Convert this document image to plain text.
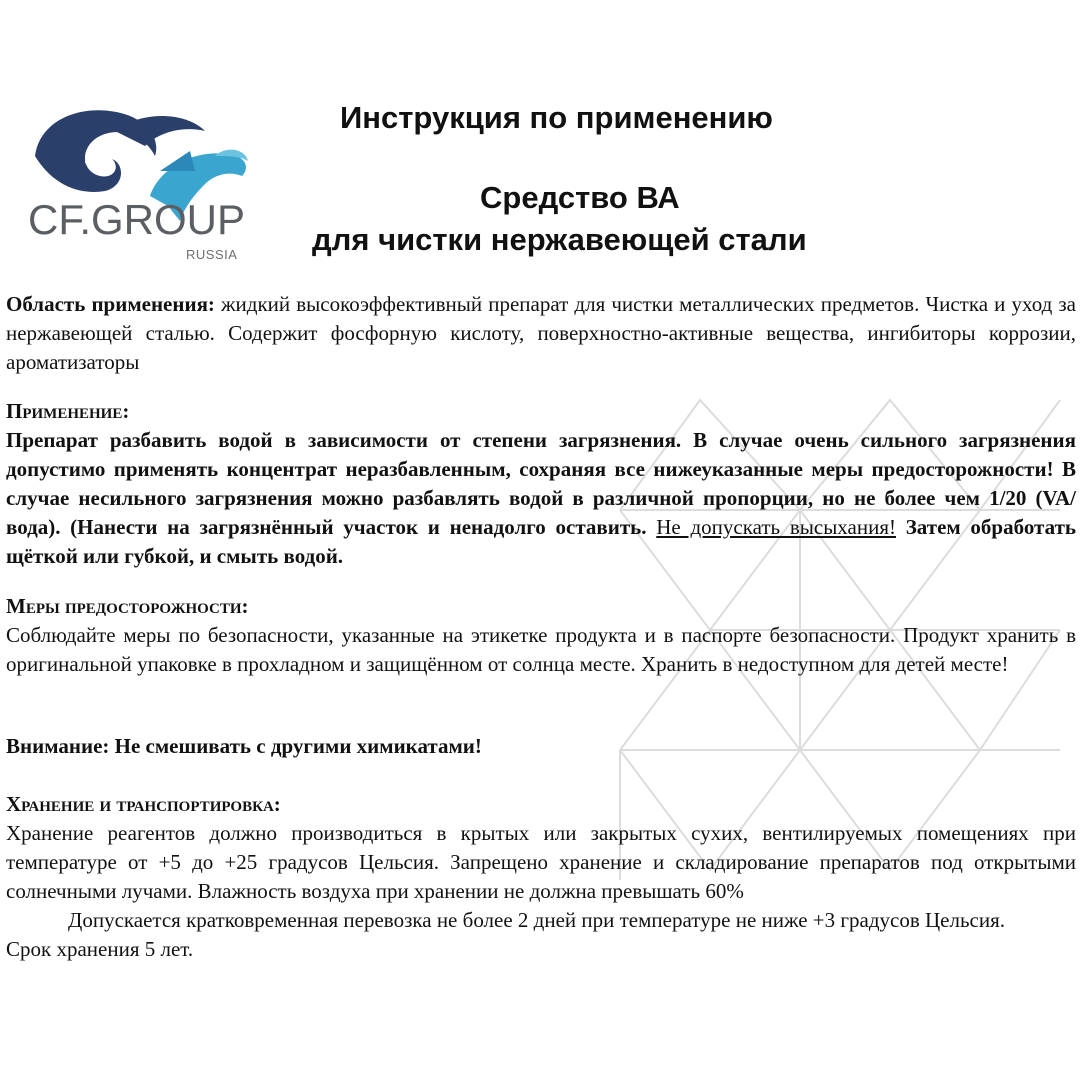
CF.GROUP
RUSSIA
Инструкция по применению
Средство ВА
для чистки нержавеющей стали
Область применения: жидкий высокоэффективный препарат для чистки металлических предметов. Чистка и уход за нержавеющей сталью. Содержит фосфорную кислоту, поверхностно-активные вещества, ингибиторы коррозии, ароматизаторы
Применение:
Препарат разбавить водой в зависимости от степени загрязнения. В случае очень сильного загрязнения допустимо применять концентрат неразбавленным, сохраняя все нижеуказанные меры предосторожности! В случае несильного загрязнения можно разбавлять водой в различной пропорции, но не более чем 1/20 (VA/вода). (Нанести на загрязнённый участок и ненадолго оставить. Не допускать высыхания! Затем обработать щёткой или губкой, и смыть водой.
Меры предосторожности:
Соблюдайте меры по безопасности, указанные на этикетке продукта и в паспорте безопасности. Продукт хранить в оригинальной упаковке в прохладном и защищённом от солнца месте. Хранить в недоступном для детей месте!
Внимание: Не смешивать с другими химикатами!
Хранение и транспортировка:
Хранение реагентов должно производиться в крытых или закрытых сухих, вентилируемых помещениях при температуре от +5 до +25 градусов Цельсия. Запрещено хранение и складирование препаратов под открытыми солнечными лучами. Влажность воздуха при хранении не должна превышать 60%
Допускается кратковременная перевозка не более 2 дней при температуре не ниже +3 градусов Цельсия.
Срок хранения 5 лет.
